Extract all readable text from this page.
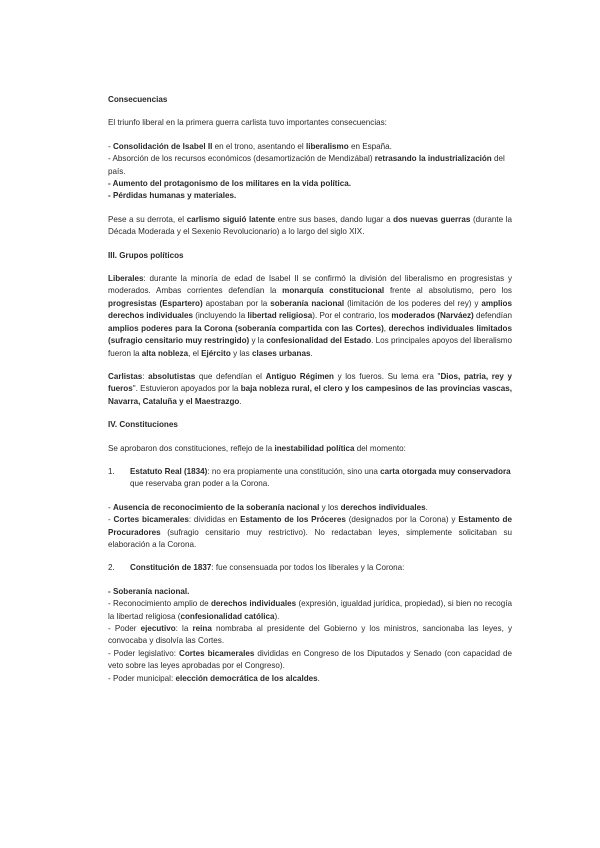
Consecuencias

El triunfo liberal en la primera guerra carlista tuvo importantes consecuencias:

- Consolidación de Isabel II en el trono, asentando el liberalismo en España.

- Absorción de los recursos económicos (desamortización de Mendizábal) retrasando la industrialización del país.

- Aumento del protagonismo de los militares en la vida política.

- Pérdidas humanas y materiales.

Pese a su derrota, el carlismo siguió latente entre sus bases, dando lugar a dos nuevas guerras (durante la Década Moderada y el Sexenio Revolucionario) a lo largo del siglo XIX.

III. Grupos políticos

Liberales: durante la minoría de edad de Isabel II se confirmó la división del liberalismo en progresistas y moderados. Ambas corrientes defendían la monarquía constitucional frente al absolutismo, pero los progresistas (Espartero) apostaban por la soberanía nacional (limitación de los poderes del rey) y amplios derechos individuales (incluyendo la libertad religiosa). Por el contrario, los moderados (Narváez) defendían amplios poderes para la Corona (soberanía compartida con las Cortes), derechos individuales limitados (sufragio censitario muy restringido) y la confesionalidad del Estado. Los principales apoyos del liberalismo fueron la alta nobleza, el Ejército y las clases urbanas.

Carlistas: absolutistas que defendían el Antiguo Régimen y los fueros. Su lema era "Dios, patria, rey y fueros". Estuvieron apoyados por la baja nobleza rural, el clero y los campesinos de las provincias vascas, Navarra, Cataluña y el Maestrazgo.

IV. Constituciones

Se aprobaron dos constituciones, reflejo de la inestabilidad política del momento:

1.	Estatuto Real (1834): no era propiamente una constitución, sino una carta otorgada muy conservadora que reservaba gran poder a la Corona.

- Ausencia de reconocimiento de la soberanía nacional y los derechos individuales.

- Cortes bicamerales: divididas en Estamento de los Próceres (designados por la Corona) y Estamento de Procuradores (sufragio censitario muy restrictivo). No redactaban leyes, simplemente solicitaban su elaboración a la Corona.

2.	Constitución de 1837: fue consensuada por todos los liberales y la Corona:

- Soberanía nacional.

- Reconocimiento amplio de derechos individuales (expresión, igualdad jurídica, propiedad), si bien no recogía la libertad religiosa (confesionalidad católica).

- Poder ejecutivo: la reina nombraba al presidente del Gobierno y los ministros, sancionaba las leyes, y convocaba y disolvía las Cortes.

- Poder legislativo: Cortes bicamerales divididas en Congreso de los Diputados y Senado (con capacidad de veto sobre las leyes aprobadas por el Congreso).

- Poder municipal: elección democrática de los alcaldes.
